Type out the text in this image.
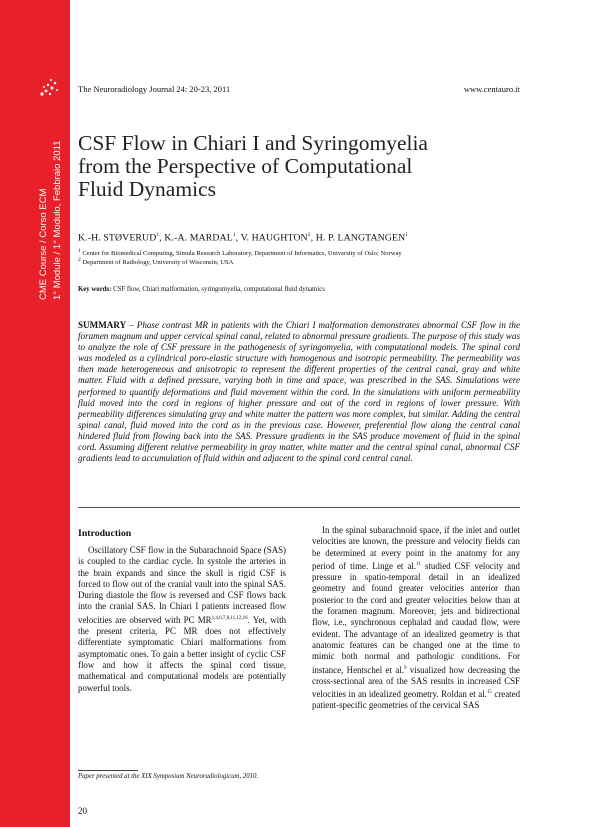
CME Course / Corso ECM 1° Module / 1° Modulo, Febbraio 2011
The Neuroradiology Journal 24: 20-23, 2011	www.centauro.it
CSF Flow in Chiari I and Syringomyelia
from the Perspective of Computational
Fluid Dynamics
K.-H. STØVERUD$^1$, K.-A. MARDAL$^1$, V. HAUGHTON$^2$, H. P. LANGTANGEN$^1$
$^1$ Center for Biomedical Computing, Simula Research Laboratory, Department of Informatics, University of Oslo; Norway
$^2$ Department of Radiology, University of Wisconsin; USA
Key words: CSF flow, Chiari malformation, syringomyelia, computational fluid dynamics
SUMMARY – Phase contrast MR in patients with the Chiari I malformation demonstrates abnormal CSF flow in the foramen magnum and upper cervical spinal canal, related to abnormal pressure gradients. The purpose of this study was to analyze the role of CSF pressure in the pathogenesis of syringomyelia, with computational models. The spinal cord was modeled as a cylindrical poro-elastic structure with homogenous and isotropic permeability. The permeability was then made heterogeneous and anisotropic to represent the different properties of the central canal, gray and white matter. Fluid with a defined pressure, varying both in time and space, was prescribed in the SAS. Simulations were performed to quantify deformations and fluid movement within the cord. In the simulations with uniform permeability fluid moved into the cord in regions of higher pressure and out of the cord in regions of lower pressure. With permeability differences simulating gray and white matter the pattern was more complex, but similar. Adding the central spinal canal, fluid moved into the cord as in the previous case. However, preferential flow along the central canal hindered fluid from flowing back into the SAS. Pressure gradients in the SAS produce movement of fluid in the spinal cord. Assuming different relative permeability in gray matter, white matter and the central spinal canal, abnormal CSF gradients lead to accumulation of fluid within and adjacent to the spinal cord central canal.
Introduction
Oscillatory CSF flow in the Subarachnoid Space (SAS) is coupled to the cardiac cycle. In systole the arteries in the brain expands and since the skull is rigid CSF is forced to flow out of the cranial vault into the spinal SAS. During diastole the flow is reversed and CSF flows back into the cranial SAS. In Chiari I patients increased flow velocities are observed with PC MR$^{1,4,6,7,8,11,12,16}$. Yet, with the present criteria, PC MR does not effectively differentiate symptomatic Chiari malformations from asymptomatic ones. To gain a better insight of cyclic CSF flow and how it affects the spinal cord tissue, mathematical and computational models are potentially powerful tools.
In the spinal subarachnoid space, if the inlet and outlet velocities are known, the pressure and velocity fields can be determined at every point in the anatomy for any period of time. Linge et al.$^{11}$ studied CSF velocity and pressure in spatio-temporal detail in an idealized geometry and found greater velocities anterior than posterior to the cord and greater velocities below than at the foramen magnum. Moreover, jets and bidirectional flow, i.e., synchronous cephalad and caudad flow, were evident. The advantage of an idealized geometry is that anatomic features can be changed one at the time to mimic both normal and pathologic conditions. For instance, Hentschel et al.$^9$ visualized how decreasing the cross-sectional area of the SAS results in increased CSF velocities in an idealized geometry. Roldan et al.$^{15}$ created patient-specific geometries of the cervical SAS
Paper presented at the XIX Symposium Neuroradiologicum, 2010.
20
